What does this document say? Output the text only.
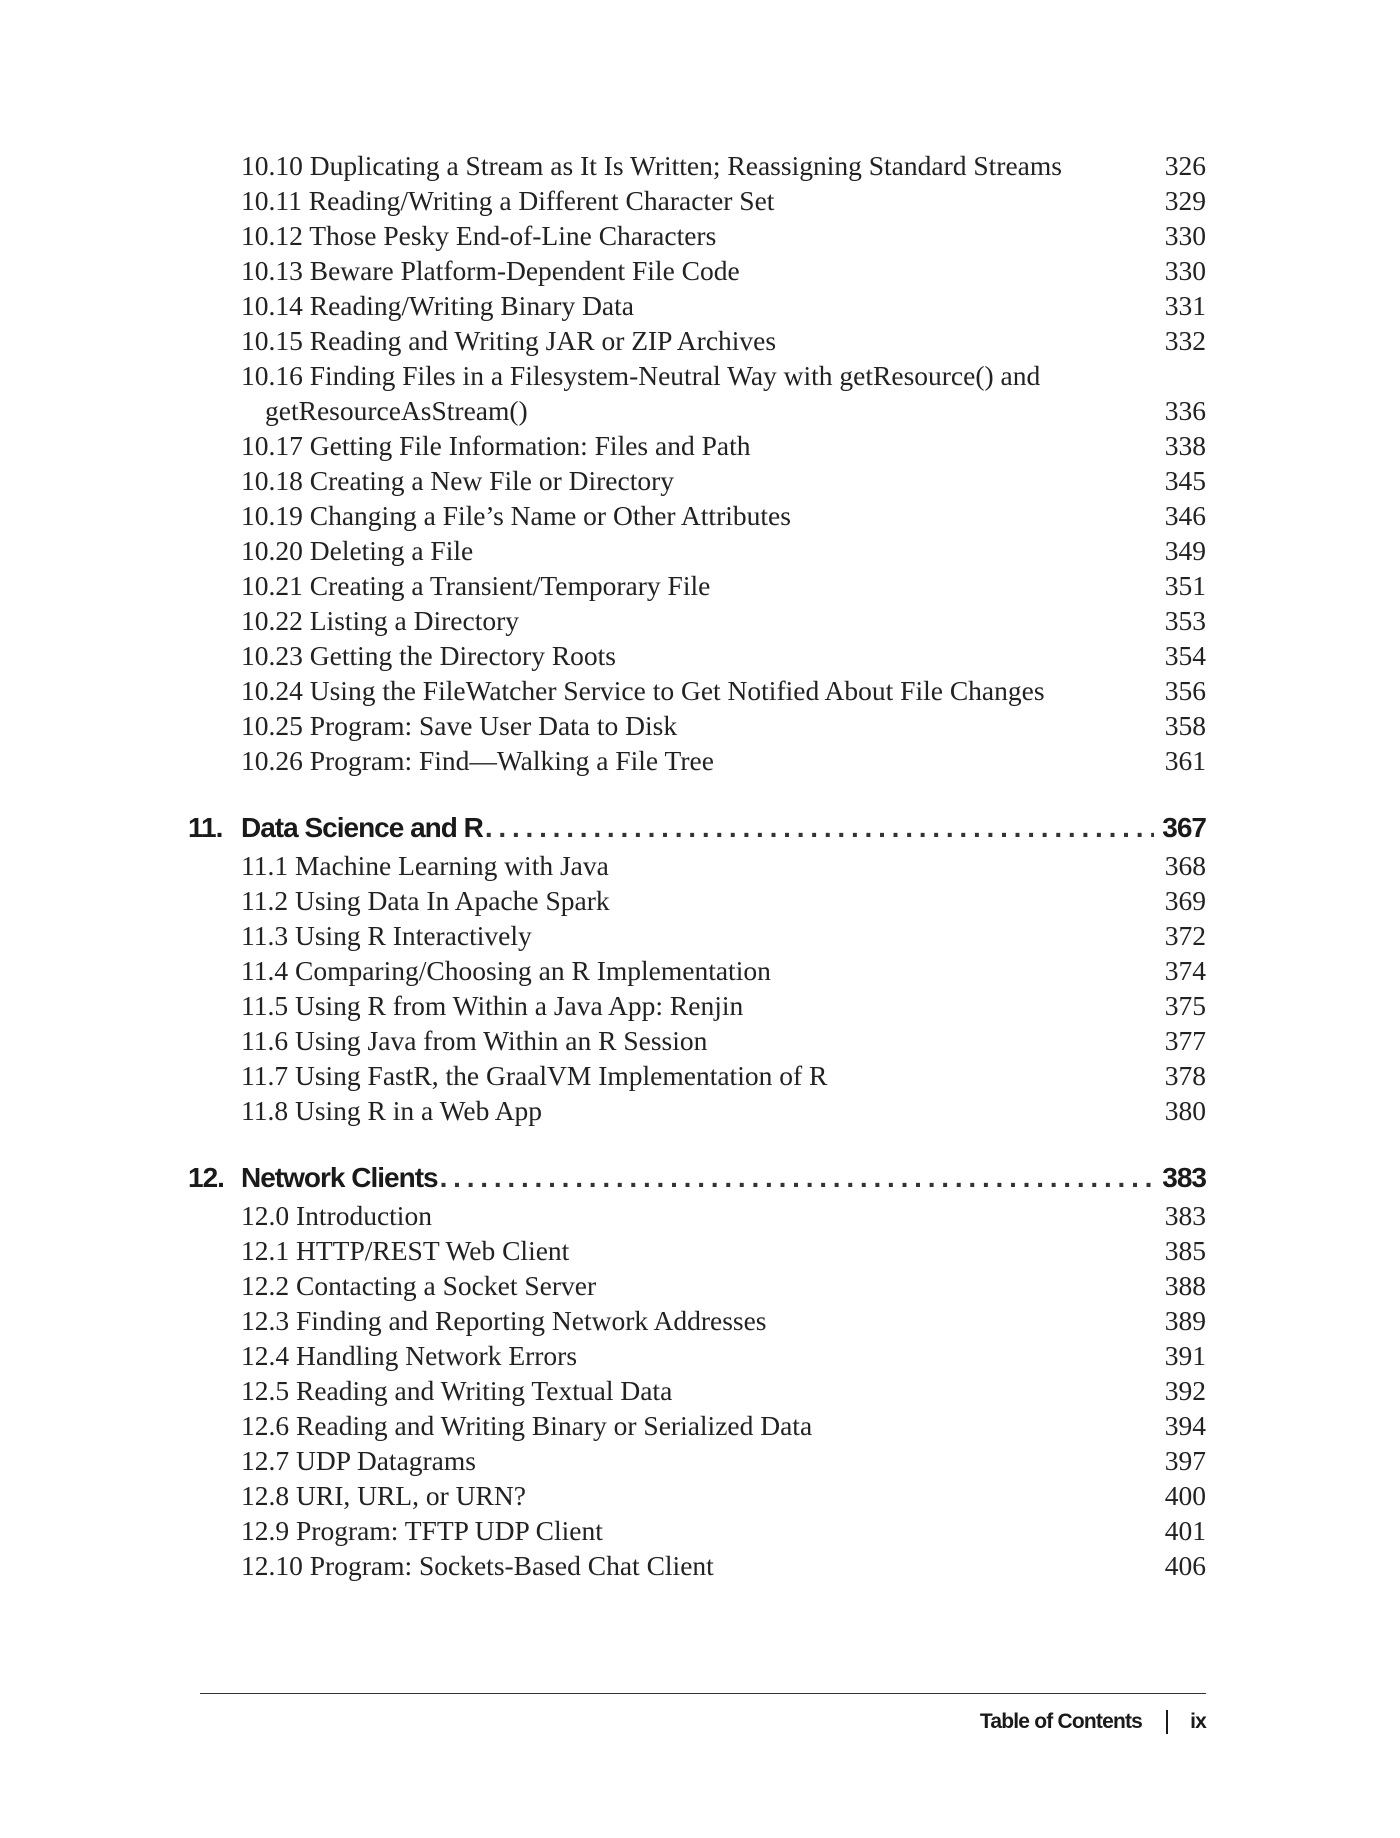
10.10 Duplicating a Stream as It Is Written; Reassigning Standard Streams	326
10.11 Reading/Writing a Different Character Set	329
10.12 Those Pesky End-of-Line Characters	330
10.13 Beware Platform-Dependent File Code	330
10.14 Reading/Writing Binary Data	331
10.15 Reading and Writing JAR or ZIP Archives	332
10.16 Finding Files in a Filesystem-Neutral Way with getResource() and
getResourceAsStream()	336
10.17 Getting File Information: Files and Path	338
10.18 Creating a New File or Directory	345
10.19 Changing a File’s Name or Other Attributes	346
10.20 Deleting a File	349
10.21 Creating a Transient/Temporary File	351
10.22 Listing a Directory	353
10.23 Getting the Directory Roots	354
10.24 Using the FileWatcher Service to Get Notified About File Changes	356
10.25 Program: Save User Data to Disk	358
10.26 Program: Find—Walking a File Tree	361
11. Data Science and R . . .	367
11.1 Machine Learning with Java	368
11.2 Using Data In Apache Spark	369
11.3 Using R Interactively	372
11.4 Comparing/Choosing an R Implementation	374
11.5 Using R from Within a Java App: Renjin	375
11.6 Using Java from Within an R Session	377
11.7 Using FastR, the GraalVM Implementation of R	378
11.8 Using R in a Web App	380
12. Network Clients . . .	383
12.0 Introduction	383
12.1 HTTP/REST Web Client	385
12.2 Contacting a Socket Server	388
12.3 Finding and Reporting Network Addresses	389
12.4 Handling Network Errors	391
12.5 Reading and Writing Textual Data	392
12.6 Reading and Writing Binary or Serialized Data	394
12.7 UDP Datagrams	397
12.8 URI, URL, or URN?	400
12.9 Program: TFTP UDP Client	401
12.10 Program: Sockets-Based Chat Client	406
Table of Contents ix
